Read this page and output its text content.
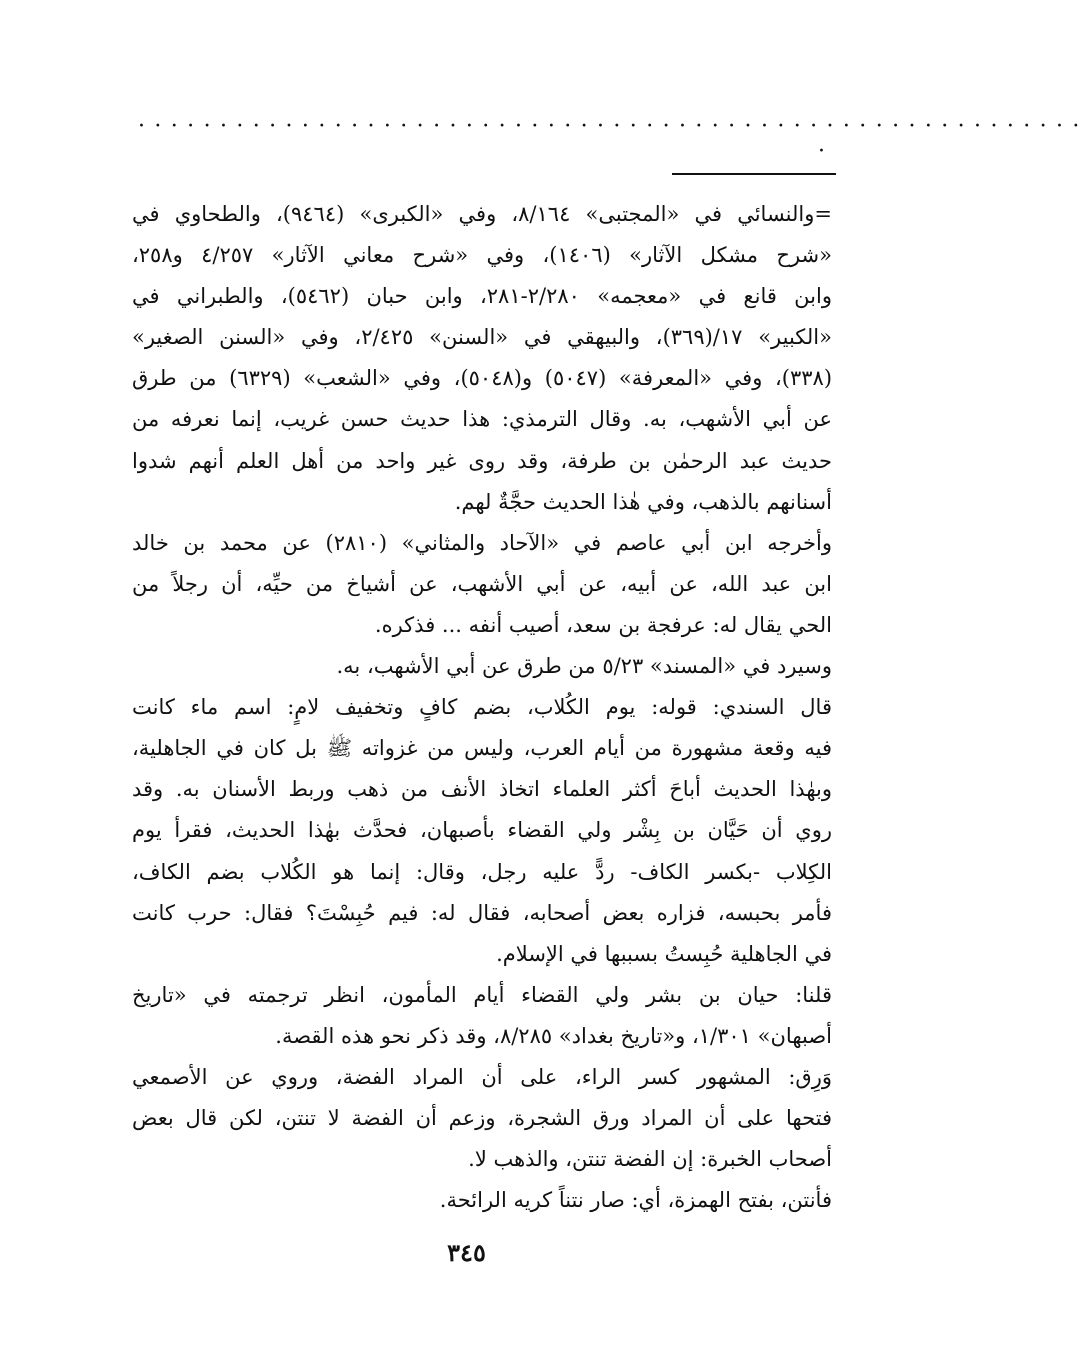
··························································
·
=والنسائي في «المجتبى» ٨/١٦٤، وفي «الكبرى» (٩٤٦٤)، والطحاوي في
«شرح مشكل الآثار» (١٤٠٦)، وفي «شرح معاني الآثار» ٤/٢٥٧ و٢٥٨،
وابن قانع في «معجمه» ٢/٢٨٠-٢٨١، وابن حبان (٥٤٦٢)، والطبراني في
«الكبير» ١٧/(٣٦٩)، والبيهقي في «السنن» ٢/٤٢٥، وفي «السنن الصغير»
(٣٣٨)، وفي «المعرفة» (٥٠٤٧) و(٥٠٤٨)، وفي «الشعب» (٦٣٢٩) من طرق
عن أبي الأشهب، به. وقال الترمذي: هذا حديث حسن غريب، إنما نعرفه من
حديث عبد الرحمٰن بن طرفة، وقد روى غير واحد من أهل العلم أنهم شدوا
أسنانهم بالذهب، وفي هٰذا الحديث حجَّةٌ لهم.
وأخرجه ابن أبي عاصم في «الآحاد والمثاني» (٢٨١٠) عن محمد بن خالد
ابن عبد الله، عن أبيه، عن أبي الأشهب، عن أشياخ من حيِّه، أن رجلاً من
الحي يقال له: عرفجة بن سعد، أصيب أنفه ... فذكره.
وسيرد في «المسند» ٥/٢٣ من طرق عن أبي الأشهب، به.
قال السندي: قوله: يوم الكُلاب، بضم كافٍ وتخفيف لامٍ: اسم ماء كانت
فيه وقعة مشهورة من أيام العرب، وليس من غزواته ﷺ بل كان في الجاهلية،
وبهٰذا الحديث أباحَ أكثر العلماء اتخاذ الأنف من ذهب وربط الأسنان به. وقد
روي أن حَيَّان بن بِشْر ولي القضاء بأصبهان، فحدَّث بهٰذا الحديث، فقرأ يوم
الكِلاب -بكسر الكاف- ردًّ عليه رجل، وقال: إنما هو الكُلاب بضم الكاف،
فأمر بحبسه، فزاره بعض أصحابه، فقال له: فيم حُبِسْتَ؟ فقال: حرب كانت
في الجاهلية حُبِستُ بسببها في الإسلام.
قلنا: حيان بن بشر ولي القضاء أيام المأمون، انظر ترجمته في «تاريخ
أصبهان» ١/٣٠١، و«تاريخ بغداد» ٨/٢٨٥، وقد ذكر نحو هذه القصة.
وَرِق: المشهور كسر الراء، على أن المراد الفضة، وروي عن الأصمعي
فتحها على أن المراد ورق الشجرة، وزعم أن الفضة لا تنتن، لكن قال بعض
أصحاب الخبرة: إن الفضة تنتن، والذهب لا.
فأنتن، بفتح الهمزة، أي: صار نتناً كريه الرائحة.
٣٤٥
